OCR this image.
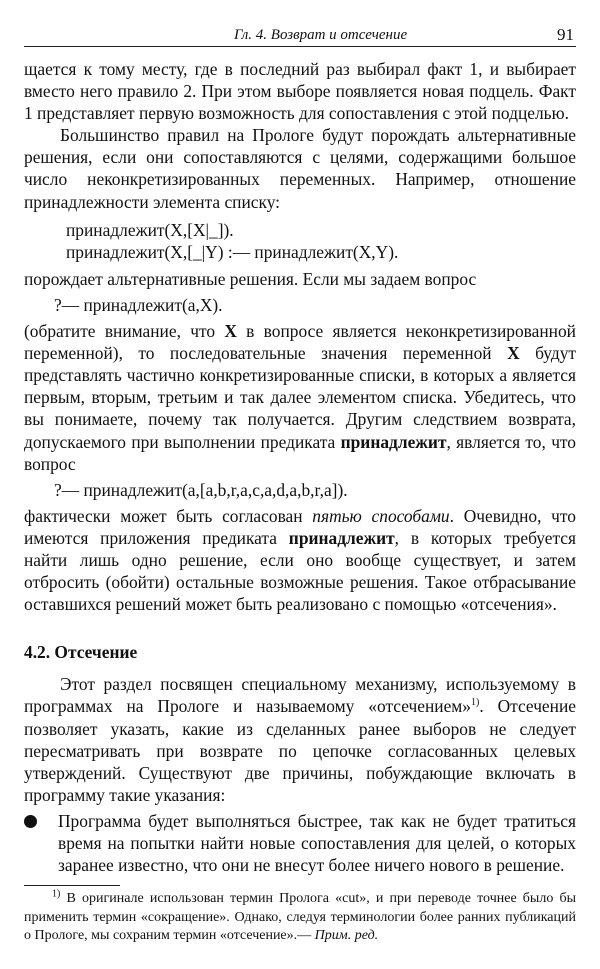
Гл. 4. Возврат и отсечение	91

щается к тому месту, где в последний раз выбирал факт 1, и выбирает вместо него правило 2. При этом выборе появляется новая подцель. Факт 1 представляет первую возможность для сопоставления с этой подцелью.

Большинство правил на Прологе будут порождать альтернативные решения, если они сопоставляются с целями, содержащими большое число неконкретизированных переменных. Например, отношение принадлежности элемента списку:

принадлежит(X,[X|_]).
принадлежит(X,[_|Y) :— принадлежит(X,Y).

порождает альтернативные решения. Если мы задаем вопрос

?— принадлежит(a,X).

(обратите внимание, что X в вопросе является неконкретизированной переменной), то последовательные значения переменной X будут представлять частично конкретизированные списки, в которых a является первым, вторым, третьим и так далее элементом списка. Убедитесь, что вы понимаете, почему так получается. Другим следствием возврата, допускаемого при выполнении предиката принадлежит, является то, что вопрос

?— принадлежит(a,[a,b,r,a,c,a,d,a,b,r,a]).

фактически может быть согласован пятью способами. Очевидно, что имеются приложения предиката принадлежит, в которых требуется найти лишь одно решение, если оно вообще существует, и затем отбросить (обойти) остальные возможные решения. Такое отбрасывание оставшихся решений может быть реализовано с помощью «отсечения».

4.2. Отсечение

Этот раздел посвящен специальному механизму, используемому в программах на Прологе и называемому «отсечением»$^{1)}$. Отсечение позволяет указать, какие из сделанных ранее выборов не следует пересматривать при возврате по цепочке согласованных целевых утверждений. Существуют две причины, побуждающие включать в программу такие указания:

Программа будет выполняться быстрее, так как не будет тратиться время на попытки найти новые сопоставления для целей, о которых заранее известно, что они не внесут более ничего нового в решение.

$^{1)}$ В оригинале использован термин Пролога «cut», и при переводе точнее было бы применить термин «сокращение». Однако, следуя терминологии более ранних публикаций о Прологе, мы сохраним термин «отсечение».— Прим. ред.
